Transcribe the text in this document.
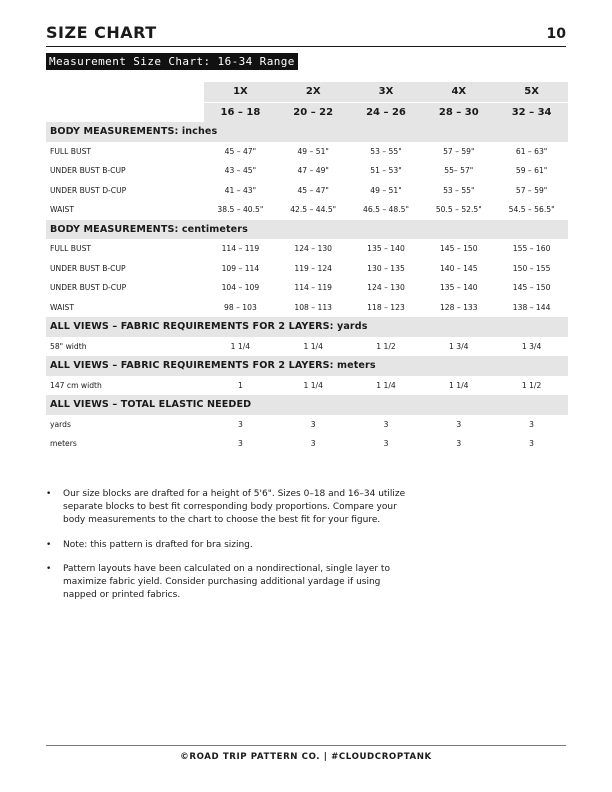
SIZE CHART	10
Measurement Size Chart: 16-34 Range
	1X	2X	3X	4X	5X
	16 – 18	20 – 22	24 – 26	28 – 30	32 – 34
BODY MEASUREMENTS: inches					
FULL BUST	45 – 47"	49 – 51"	53 – 55"	57 – 59"	61 – 63"
UNDER BUST B-CUP	43 – 45"	47 – 49"	51 – 53"	55– 57"	59 – 61"
UNDER BUST D-CUP	41 – 43"	45 – 47"	49 – 51"	53 – 55"	57 – 59"
WAIST	38.5 – 40.5"	42.5 – 44.5"	46.5 – 48.5"	50.5 – 52.5"	54.5 – 56.5"
BODY MEASUREMENTS: centimeters					
FULL BUST	114 – 119	124 – 130	135 – 140	145 – 150	155 – 160
UNDER BUST B-CUP	109 – 114	119 – 124	130 – 135	140 – 145	150 – 155
UNDER BUST D-CUP	104 – 109	114 – 119	124 – 130	135 – 140	145 – 150
WAIST	98 – 103	108 – 113	118 – 123	128 – 133	138 – 144
ALL VIEWS – FABRIC REQUIREMENTS FOR 2 LAYERS: yards					
58" width	1 1/4	1 1/4	1 1/2	1 3/4	1 3/4
ALL VIEWS – FABRIC REQUIREMENTS FOR 2 LAYERS: meters					
147 cm width	1	1 1/4	1 1/4	1 1/4	1 1/2
ALL VIEWS – TOTAL ELASTIC NEEDED					
yards	3	3	3	3	3
meters	3	3	3	3	3
• Our size blocks are drafted for a height of 5'6". Sizes 0–18 and 16–34 utilize separate blocks to best fit corresponding body proportions. Compare your body measurements to the chart to choose the best fit for your figure.
• Note: this pattern is drafted for bra sizing.
• Pattern layouts have been calculated on a nondirectional, single layer to maximize fabric yield. Consider purchasing additional yardage if using napped or printed fabrics.
©ROAD TRIP PATTERN CO. | #CLOUDCROPTANK
